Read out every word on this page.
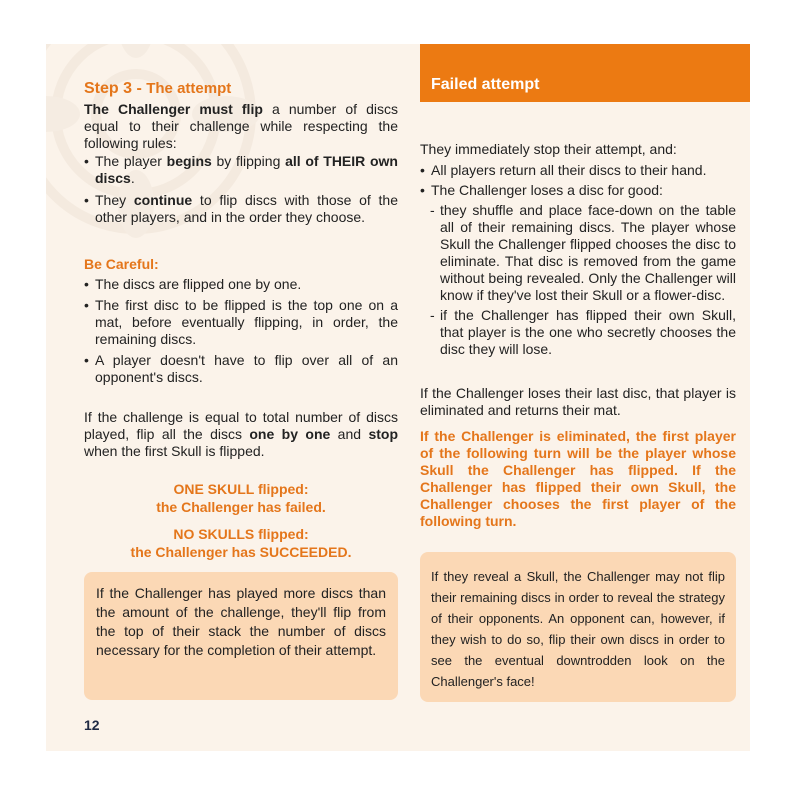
Step 3 - The attempt

The Challenger must flip a number of discs equal to their challenge while respecting the following rules:

• The player begins by flipping all of THEIR own discs.
• They continue to flip discs with those of the other players, and in the order they choose.

Be Careful:

• The discs are flipped one by one.
• The first disc to be flipped is the top one on a mat, before eventually flipping, in order, the remaining discs.
• A player doesn't have to flip over all of an opponent's discs.

If the challenge is equal to total number of discs played, flip all the discs one by one and stop when the first Skull is flipped.

ONE SKULL flipped:
the Challenger has failed.
NO SKULLS flipped:
the Challenger has SUCCEEDED.

If the Challenger has played more discs than the amount of the challenge, they'll flip from the top of their stack the number of discs necessary for the completion of their attempt.

12
Failed attempt

They immediately stop their attempt, and:

• All players return all their discs to their hand.
• The Challenger loses a disc for good:
- they shuffle and place face-down on the table all of their remaining discs. The player whose Skull the Challenger flipped chooses the disc to eliminate. That disc is removed from the game without being revealed. Only the Challenger will know if they've lost their Skull or a flower-disc.
- if the Challenger has flipped their own Skull, that player is the one who secretly chooses the disc they will lose.

If the Challenger loses their last disc, that player is eliminated and returns their mat.

If the Challenger is eliminated, the first player of the following turn will be the player whose Skull the Challenger has flipped. If the Challenger has flipped their own Skull, the Challenger chooses the first player of the following turn.

If they reveal a Skull, the Challenger may not flip their remaining discs in order to reveal the strategy of their opponents. An opponent can, however, if they wish to do so, flip their own discs in order to see the eventual downtrodden look on the Challenger's face!
